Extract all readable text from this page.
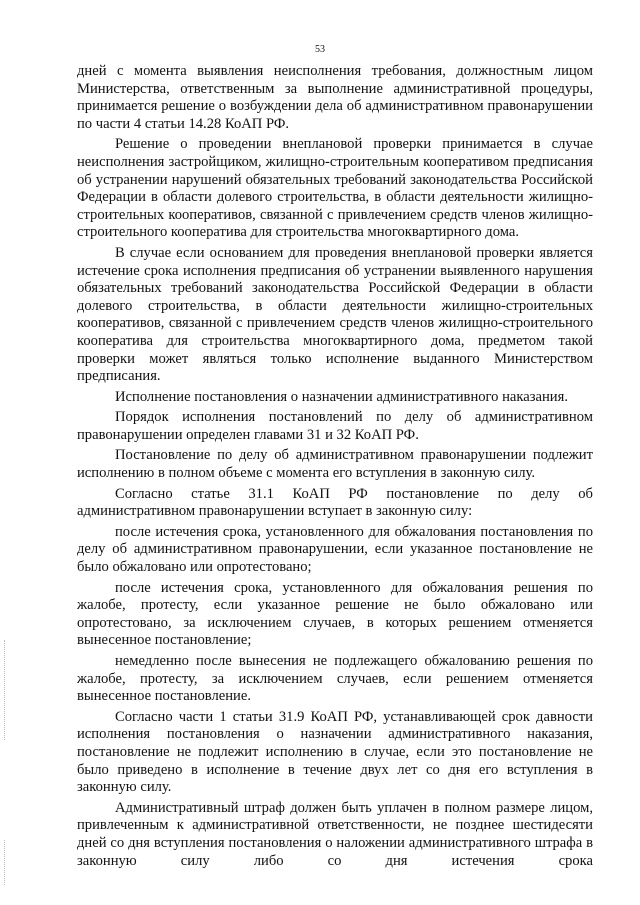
53

дней с момента выявления неисполнения требования, должностным лицом Министерства, ответственным за выполнение административной процедуры, принимается решение о возбуждении дела об административном правонарушении по части 4 статьи 14.28 КоАП РФ.

Решение о проведении внеплановой проверки принимается в случае неисполнения застройщиком, жилищно-строительным кооперативом предписания об устранении нарушений обязательных требований законодательства Российской Федерации в области долевого строительства, в области деятельности жилищно-строительных кооперативов, связанной с привлечением средств членов жилищно-строительного кооператива для строительства многоквартирного дома.

В случае если основанием для проведения внеплановой проверки является истечение срока исполнения предписания об устранении выявленного нарушения обязательных требований законодательства Российской Федерации в области долевого строительства, в области деятельности жилищно-строительных кооперативов, связанной с привлечением средств членов жилищно-строительного кооператива для строительства многоквартирного дома, предметом такой проверки может являться только исполнение выданного Министерством предписания.

Исполнение постановления о назначении административного наказания.

Порядок исполнения постановлений по делу об административном правонарушении определен главами 31 и 32 КоАП РФ.

Постановление по делу об административном правонарушении подлежит исполнению в полном объеме с момента его вступления в законную силу.

Согласно статье 31.1 КоАП РФ постановление по делу об административном правонарушении вступает в законную силу:

после истечения срока, установленного для обжалования постановления по делу об административном правонарушении, если указанное постановление не было обжаловано или опротестовано;

после истечения срока, установленного для обжалования решения по жалобе, протесту, если указанное решение не было обжаловано или опротестовано, за исключением случаев, в которых решением отменяется вынесенное постановление;

немедленно после вынесения не подлежащего обжалованию решения по жалобе, протесту, за исключением случаев, если решением отменяется вынесенное постановление.

Согласно части 1 статьи 31.9 КоАП РФ, устанавливающей срок давности исполнения постановления о назначении административного наказания, постановление не подлежит исполнению в случае, если это постановление не было приведено в исполнение в течение двух лет со дня его вступления в законную силу.

Административный штраф должен быть уплачен в полном размере лицом, привлеченным к административной ответственности, не позднее шестидесяти дней со дня вступления постановления о наложении административного штрафа в законную силу либо со дня истечения срока
